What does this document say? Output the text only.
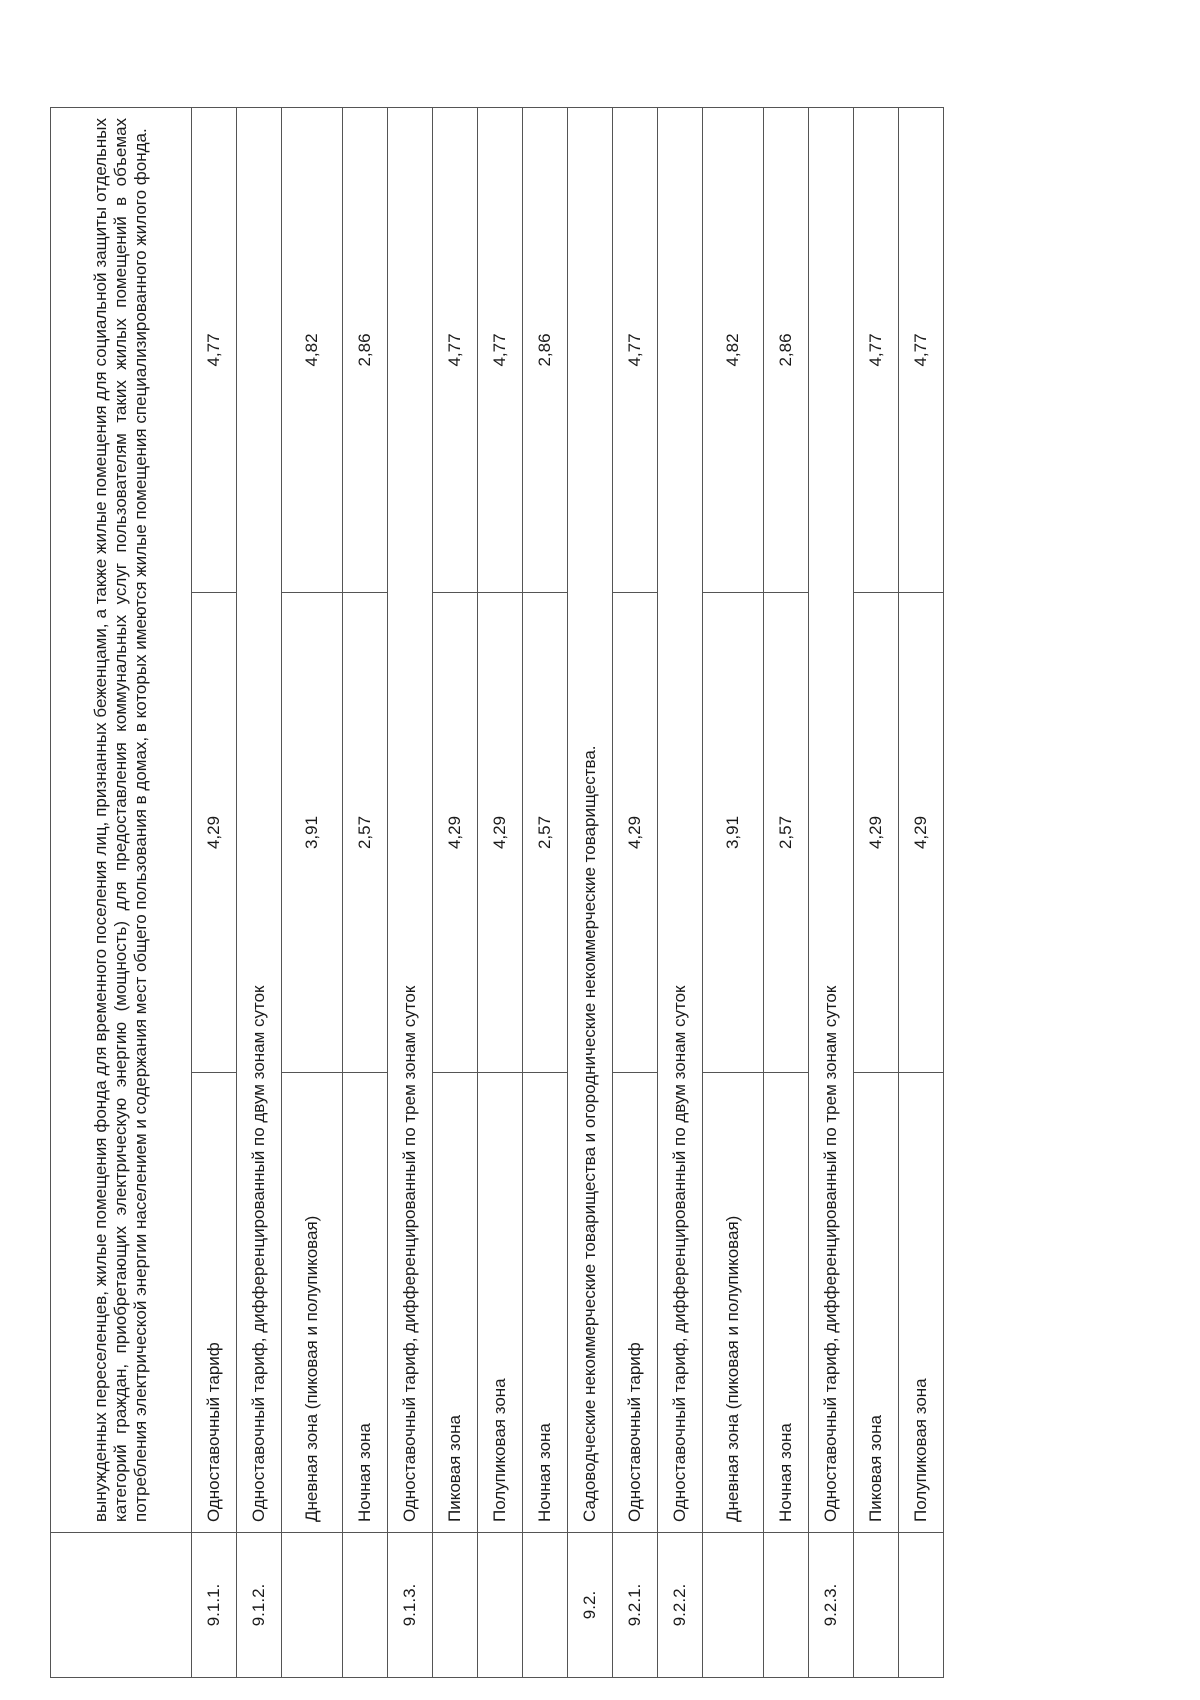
	вынужденных переселенцев, жилые помещения фонда для временного поселения лиц, признанных беженцами, а также жилые помещения для социальной защиты отдельных категорий граждан, приобретающих электрическую энергию (мощность) для предоставления коммунальных услуг пользователям таких жилых помещений в объемах потребления электрической энергии населением и содержания мест общего пользования в домах, в которых имеются жилые помещения специализированного жилого фонда.		
9.1.1.	Одноставочный тариф	4,29	4,77
9.1.2.	Одноставочный тариф, дифференцированный по двум зонам суток		
	Дневная зона (пиковая и полупиковая)	3,91	4,82
	Ночная зона	2,57	2,86
9.1.3.	Одноставочный тариф, дифференцированный по трем зонам суток		
	Пиковая зона	4,29	4,77
	Полупиковая зона	4,29	4,77
	Ночная зона	2,57	2,86
9.2.	Садоводческие некоммерческие товарищества и огороднические некоммерческие товарищества.		
9.2.1.	Одноставочный тариф	4,29	4,77
9.2.2.	Одноставочный тариф, дифференцированный по двум зонам суток		
	Дневная зона (пиковая и полупиковая)	3,91	4,82
	Ночная зона	2,57	2,86
9.2.3.	Одноставочный тариф, дифференцированный по трем зонам суток		
	Пиковая зона	4,29	4,77
	Полупиковая зона	4,29	4,77
